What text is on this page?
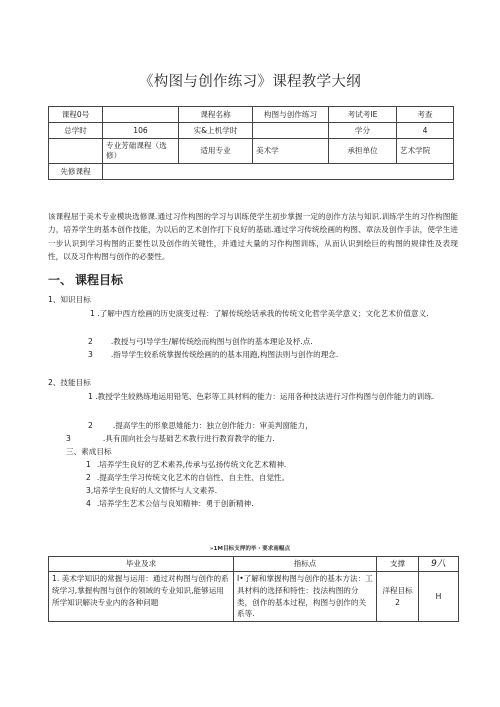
《构图与创作练习》课程教学大纲
课程0号		课程名称	构图与创作练习	考试考IE	考查
总学时	106	实&上机学时		学分	4
	专业芳础课程（选修）	适用专业	美术学	承担单位	艺术学院
先修课程					
该课程屈于美术专业模块选修课.通过习作构图的学习与训练使学生初步掌握一定的创作方法与知识.训练学生的习作构图能力，培养学生的基本创作技能，为以后的艺术创作打下良好的基础.通过学习传统绘画的构图、章法及创作手法，使学生进一步认识到学习构图的正要性以及创作的关键性，并通过大量的习作构图训练，从而认识到绘巨的构图的规律性及表现性，以及习作构图与创作的必要性。
一、 课程目标
1、知识目标
1 .了解中西方绘画的历史演变过程：了解传统绘话承我的传统文化哲学美学意义；文化艺术价值意义.
2 .教授与弓I导学生/解传统绘而构图与创作的基本理论及杼.点.
3 .指导学生较系统掌握传统绘画的的基本用跑,构图法则与创作的理念.
2、技能目标
1 .教授学生较熟练地运用铅笔、色彩等工具材料的能力：运用各种技法进行习作构图与创作能力的训练.
2	.提高学生的形象思雉能力：独立创作能力：审美判窗能力，
3	.具有面向社会与基础艺术教行进行教育教学的能力.
三、素成目标
1 .培养学生良好的艺术素养,传承与弘扬传统文化艺术精神.
2 .提高学生学习传统文化艺术的自信性、自主性、自觉性。
3,培养学生良好的人文情怀与人文素养.
4 .培养学生艺术公信与良知精神：勇于创新精神.
»1M目标支押的毕・要求南幅点
毕业及求	指标点	支撑	9八
1. 美术学知识的常握与运用：通过对构图与创作的系统学习,掌握构图与创作的领域的专业知识,能够运用所学知识解决专业内的各种问题	I•了解和掌握构图与创作的基本方法：工具材料的选择和特性：技法构图的分类，创作的基本过程，构图与创作的关系等.	洋程目标2	H
